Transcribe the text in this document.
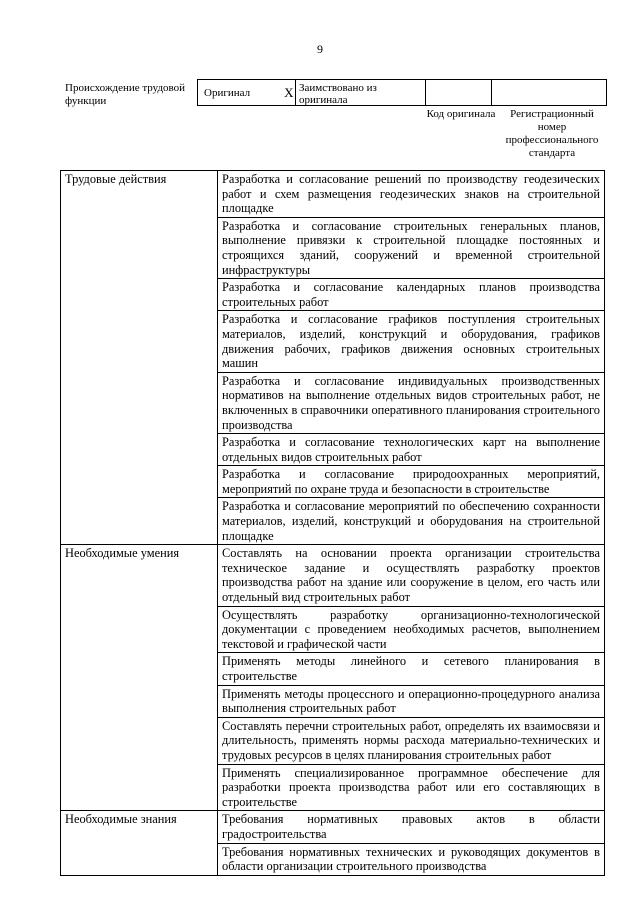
9
Происхождение трудовой функции
Оригинал	X Заимствовано из оригинала
Код оригинала	Регистрационный номер профессионального стандарта
Трудовые действия	Разработка и согласование решений по производству геодезических работ и схем размещения геодезических знаков на строительной площадке
	Разработка и согласование строительных генеральных планов, выполнение привязки к строительной площадке постоянных и строящихся зданий, сооружений и временной строительной инфраструктуры
	Разработка и согласование календарных планов производства строительных работ
	Разработка и согласование графиков поступления строительных материалов, изделий, конструкций и оборудования, графиков движения рабочих, графиков движения основных строительных машин
	Разработка и согласование индивидуальных производственных нормативов на выполнение отдельных видов строительных работ, не включенных в справочники оперативного планирования строительного производства
	Разработка и согласование технологических карт на выполнение отдельных видов строительных работ
	Разработка и согласование природоохранных мероприятий, мероприятий по охране труда и безопасности в строительстве
	Разработка и согласование мероприятий по обеспечению сохранности материалов, изделий, конструкций и оборудования на строительной площадке
Необходимые умения	Составлять на основании проекта организации строительства техническое задание и осуществлять разработку проектов производства работ на здание или сооружение в целом, его часть или отдельный вид строительных работ
	Осуществлять разработку организационно-технологической документации с проведением необходимых расчетов, выполнением текстовой и графической части
	Применять методы линейного и сетевого планирования в строительстве
	Применять методы процессного и операционно-процедурного анализа выполнения строительных работ
	Составлять перечни строительных работ, определять их взаимосвязи и длительность, применять нормы расхода материально-технических и трудовых ресурсов в целях планирования строительных работ
	Применять специализированное программное обеспечение для разработки проекта производства работ или его составляющих в строительстве
Необходимые знания	Требования нормативных правовых актов в области градостроительства
	Требования нормативных технических и руководящих документов в области организации строительного производства
